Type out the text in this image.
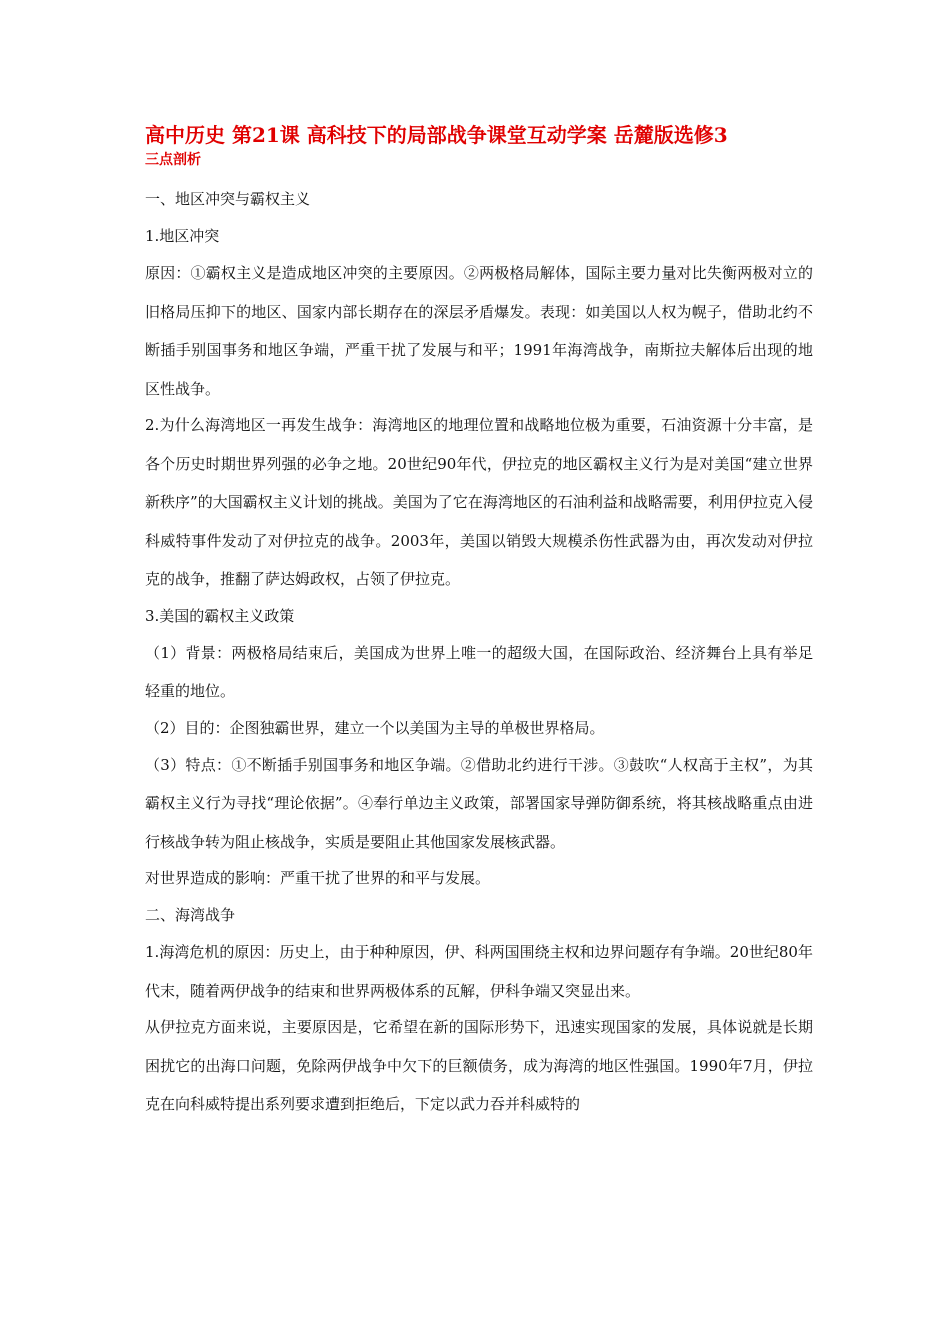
高中历史 第21课 高科技下的局部战争课堂互动学案 岳麓版选修3
三点剖析

一、地区冲突与霸权主义

1.地区冲突

原因：①霸权主义是造成地区冲突的主要原因。②两极格局解体，国际主要力量对比失衡两极对立的旧格局压抑下的地区、国家内部长期存在的深层矛盾爆发。表现：如美国以人权为幌子，借助北约不断插手别国事务和地区争端，严重干扰了发展与和平；1991年海湾战争，南斯拉夫解体后出现的地区性战争。

2.为什么海湾地区一再发生战争：海湾地区的地理位置和战略地位极为重要，石油资源十分丰富，是各个历史时期世界列强的必争之地。20世纪90年代，伊拉克的地区霸权主义行为是对美国“建立世界新秩序”的大国霸权主义计划的挑战。美国为了它在海湾地区的石油利益和战略需要，利用伊拉克入侵科威特事件发动了对伊拉克的战争。2003年，美国以销毁大规模杀伤性武器为由，再次发动对伊拉克的战争，推翻了萨达姆政权，占领了伊拉克。

3.美国的霸权主义政策

（1）背景：两极格局结束后，美国成为世界上唯一的超级大国，在国际政治、经济舞台上具有举足轻重的地位。

（2）目的：企图独霸世界，建立一个以美国为主导的单极世界格局。

（3）特点：①不断插手别国事务和地区争端。②借助北约进行干涉。③鼓吹“人权高于主权”，为其霸权主义行为寻找“理论依据”。④奉行单边主义政策，部署国家导弹防御系统，将其核战略重点由进行核战争转为阻止核战争，实质是要阻止其他国家发展核武器。

对世界造成的影响：严重干扰了世界的和平与发展。

二、海湾战争

1.海湾危机的原因：历史上，由于种种原因，伊、科两国围绕主权和边界问题存有争端。20世纪80年代末，随着两伊战争的结束和世界两极体系的瓦解，伊科争端又突显出来。

从伊拉克方面来说，主要原因是，它希望在新的国际形势下，迅速实现国家的发展，具体说就是长期困扰它的出海口问题，免除两伊战争中欠下的巨额债务，成为海湾的地区性强国。1990年7月，伊拉克在向科威特提出系列要求遭到拒绝后，下定以武力吞并科威特的
